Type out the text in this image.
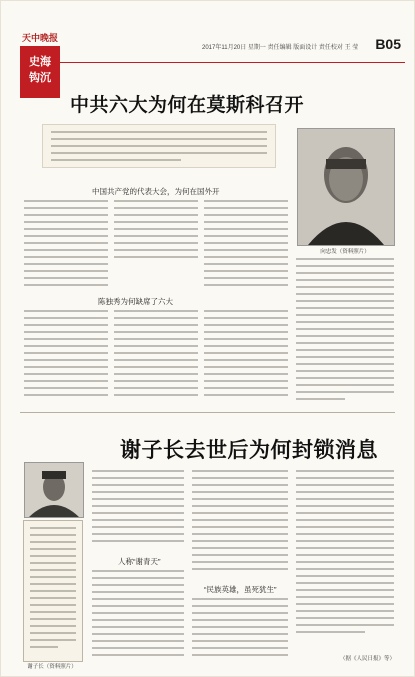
天中晚报
2017年11月20日 星期一 责任编辑 版面设计 责任校对 王 莹 B05
史海
钩沉
中共六大为何在莫斯科召开
向忠发（资料照片）
中国共产党的代表大会，为何在国外开
陈独秀为何缺席了六大
谢子长去世后为何封锁消息
谢子长（资料照片）
人称“谢青天”
“民族英雄，虽死犹生”
（据《人民日报》等）
